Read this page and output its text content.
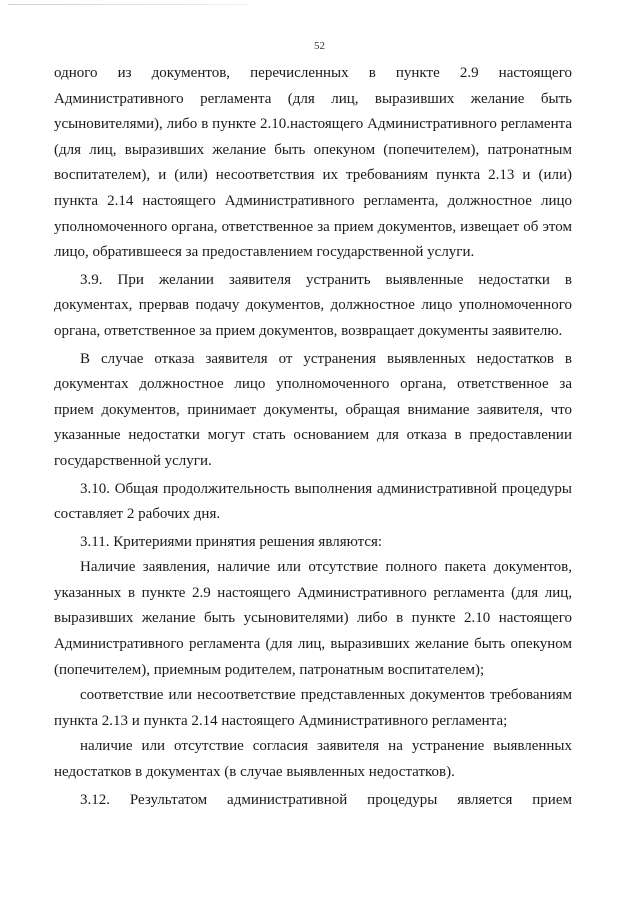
52

одного из документов, перечисленных в пункте 2.9 настоящего Административного регламента (для лиц, выразивших желание быть усыновителями), либо в пункте 2.10.настоящего Административного регламента (для лиц, выразивших желание быть опекуном (попечителем), патронатным воспитателем), и (или) несоответствия их требованиям пункта 2.13 и (или) пункта 2.14 настоящего Административного регламента, должностное лицо уполномоченного органа, ответственное за прием документов, извещает об этом лицо, обратившееся за предоставлением государственной услуги.

3.9. При желании заявителя устранить выявленные недостатки в документах, прервав подачу документов, должностное лицо уполномоченного органа, ответственное за прием документов, возвращает документы заявителю.

В случае отказа заявителя от устранения выявленных недостатков в документах должностное лицо уполномоченного органа, ответственное за прием документов, принимает документы, обращая внимание заявителя, что указанные недостатки могут стать основанием для отказа в предоставлении государственной услуги.

3.10. Общая продолжительность выполнения административной процедуры составляет 2 рабочих дня.

3.11. Критериями принятия решения являются:

Наличие заявления, наличие или отсутствие полного пакета документов, указанных в пункте 2.9 настоящего Административного регламента (для лиц, выразивших желание быть усыновителями) либо в пункте 2.10 настоящего Административного регламента (для лиц, выразивших желание быть опекуном (попечителем), приемным родителем, патронатным воспитателем);

соответствие или несоответствие представленных документов требованиям пункта 2.13 и пункта 2.14 настоящего Административного регламента;

наличие или отсутствие согласия заявителя на устранение выявленных недостатков в документах (в случае выявленных недостатков).

3.12. Результатом административной процедуры является прием
